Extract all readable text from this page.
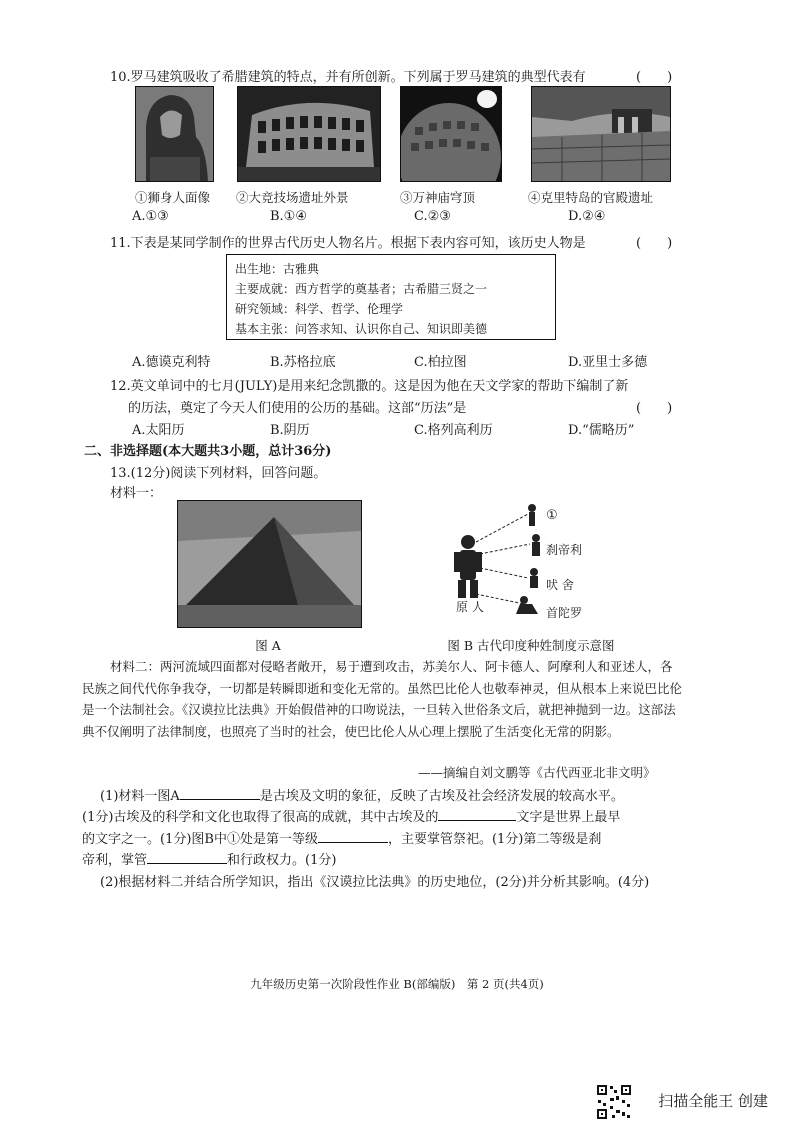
10.罗马建筑吸收了希腊建筑的特点，并有所创新。下列属于罗马建筑的典型代表有	(　　)
①狮身人面像	②大竞技场遗址外景	③万神庙穹顶	④克里特岛的官殿遗址
A.①③	B.①④	C.②③	D.②④
11.下表是某同学制作的世界古代历史人物名片。根据下表内容可知，该历史人物是	(　　)
出生地：古雅典
主要成就：西方哲学的奠基者；古希腊三贤之一
研究领域：科学、哲学、伦理学
基本主张：问答求知、认识你自己、知识即美德
A.德谟克利特	B.苏格拉底	C.柏拉图	D.亚里士多德
12.英文单词中的七月(JULY)是用来纪念凯撒的。这是因为他在天文学家的帮助下编制了新
的历法，奠定了今天人们使用的公历的基础。这部“历法”是	(　　)
A.太阳历	B.阴历	C.格列高利历	D.“儒略历”
二、非选择题(本大题共3小题，总计36分)
13.(12分)阅读下列材料，回答问题。
材料一：
图 A
①
刹帝利
吠 舍
首陀罗
原 人
图 B 古代印度种姓制度示意图
材料二：两河流域四面都对侵略者敞开，易于遭到攻击，苏美尔人、阿卡德人、阿摩利人和亚述人，各民族之间代代你争我夺，一切都是转瞬即逝和变化无常的。虽然巴比伦人也敬奉神灵，但从根本上来说巴比伦是一个法制社会。《汉谟拉比法典》开始假借神的口吻说法，一旦转入世俗条文后，就把神抛到一边。这部法典不仅阐明了法律制度，也照亮了当时的社会，使巴比伦人从心理上摆脱了生活变化无常的阴影。
——摘编自刘文鹏等《古代西亚北非文明》
(1)材料一图A	是古埃及文明的象征，反映了古埃及社会经济发展的较高水平。
(1分)古埃及的科学和文化也取得了很高的成就，其中古埃及的	文字是世界上最早
的文字之一。(1分)图B中①处是第一等级	，主要掌管祭祀。(1分)第二等级是刹
帝利，掌管	和行政权力。(1分)
(2)根据材料二并结合所学知识，指出《汉谟拉比法典》的历史地位，(2分)并分析其影响。(4分)
九年级历史第一次阶段性作业 B(部编版)　第 2 页(共4页)
扫描全能王 创建
